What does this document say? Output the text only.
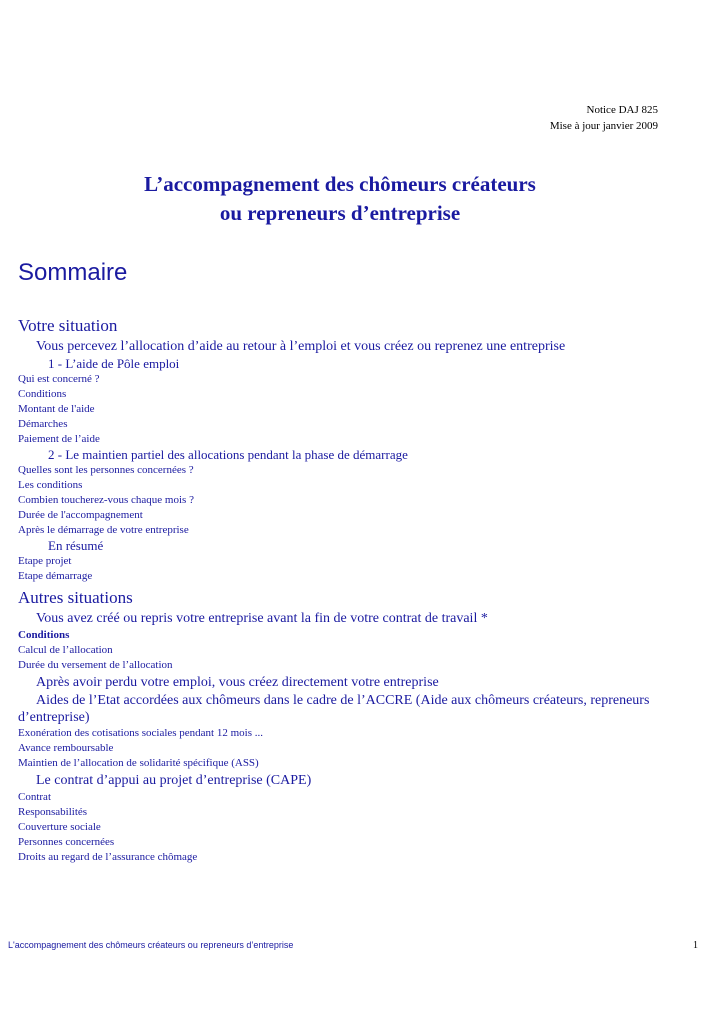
Notice DAJ 825
Mise à jour janvier 2009
L’accompagnement des chômeurs créateurs
ou repreneurs d’entreprise
Sommaire
Votre situation
Vous percevez l’allocation d’aide au retour à l’emploi et vous créez ou reprenez une entreprise
1 - L’aide de Pôle emploi
Qui est concerné ?
Conditions
Montant de l'aide
Démarches
Paiement de l’aide
2 - Le maintien partiel des allocations pendant la phase de démarrage
Quelles sont les personnes concernées ?
Les conditions
Combien toucherez-vous chaque mois ?
Durée de l'accompagnement
Après le démarrage de votre entreprise
En résumé
Etape projet
Etape démarrage
Autres situations
Vous avez créé ou repris votre entreprise avant la fin de votre contrat de travail *
Conditions
Calcul de l’allocation
Durée du versement de l’allocation
Après avoir perdu votre emploi, vous créez directement votre entreprise
Aides de l’Etat accordées aux chômeurs dans le cadre de l’ACCRE (Aide aux chômeurs créateurs, repreneurs d’entreprise)
Exonération des cotisations sociales pendant 12 mois ...
Avance remboursable
Maintien de l’allocation de solidarité spécifique (ASS)
Le contrat d’appui au projet d’entreprise (CAPE)
Contrat
Responsabilités
Couverture sociale
Personnes concernées
Droits au regard de l’assurance chômage
L'accompagnement des chômeurs créateurs ou repreneurs d’entreprise	1
